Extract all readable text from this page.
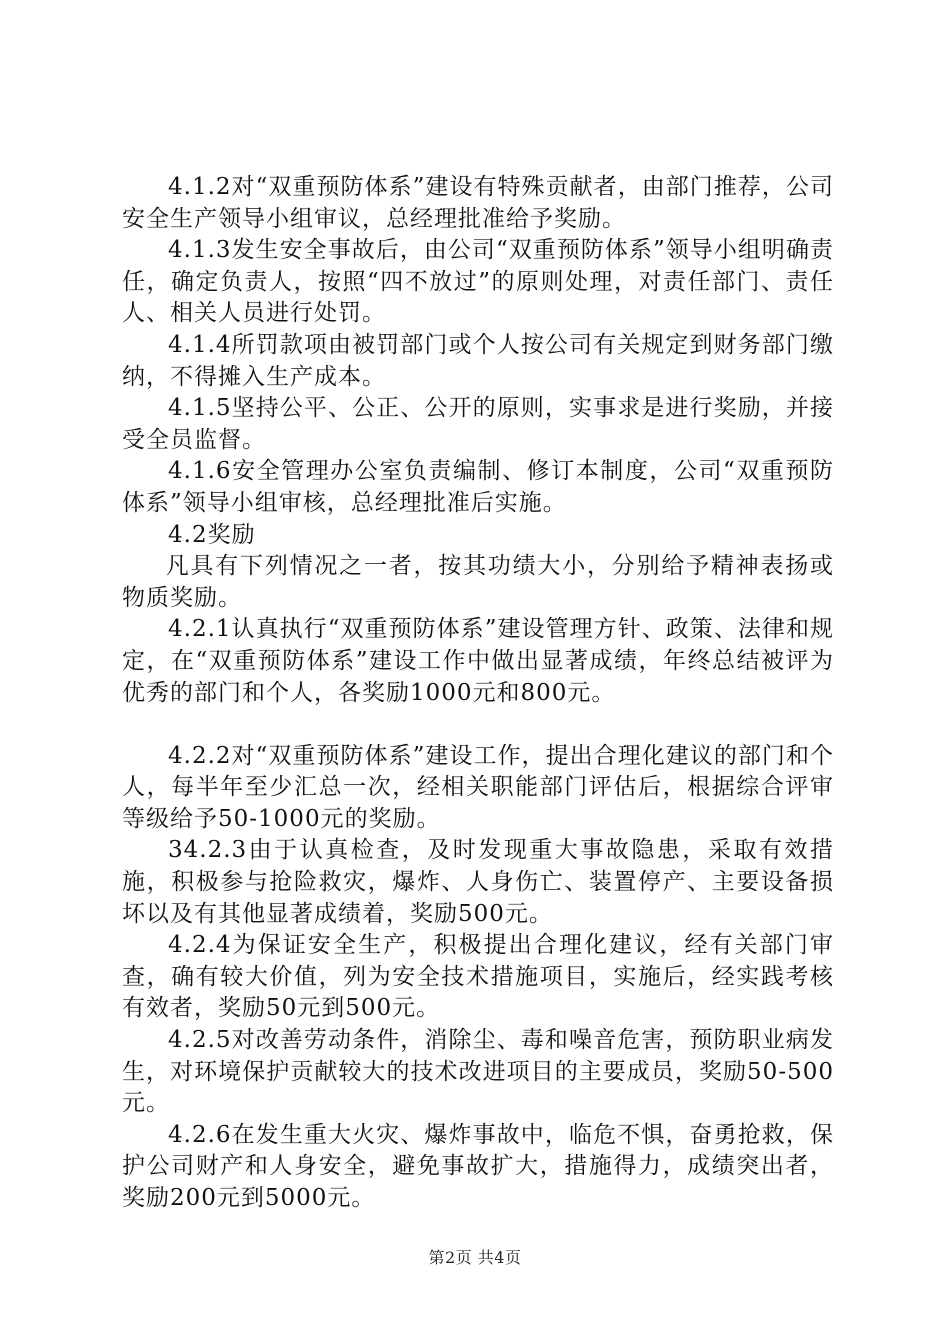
4.1.2对“双重预防体系”建设有特殊贡献者，由部门推荐，公司安全生产领导小组审议，总经理批准给予奖励。

4.1.3发生安全事故后，由公司“双重预防体系”领导小组明确责任，确定负责人，按照“四不放过”的原则处理，对责任部门、责任人、相关人员进行处罚。

4.1.4所罚款项由被罚部门或个人按公司有关规定到财务部门缴纳，不得摊入生产成本。

4.1.5坚持公平、公正、公开的原则，实事求是进行奖励，并接受全员监督。

4.1.6安全管理办公室负责编制、修订本制度，公司“双重预防体系”领导小组审核，总经理批准后实施。

4.2奖励

凡具有下列情况之一者，按其功绩大小，分别给予精神表扬或物质奖励。

4.2.1认真执行“双重预防体系”建设管理方针、政策、法律和规定，在“双重预防体系”建设工作中做出显著成绩，年终总结被评为优秀的部门和个人，各奖励1000元和800元。

4.2.2对“双重预防体系”建设工作，提出合理化建议的部门和个人，每半年至少汇总一次，经相关职能部门评估后，根据综合评审等级给予50-1000元的奖励。

34.2.3由于认真检查，及时发现重大事故隐患，采取有效措施，积极参与抢险救灾，爆炸、人身伤亡、装置停产、主要设备损坏以及有其他显著成绩着，奖励500元。

4.2.4为保证安全生产，积极提出合理化建议，经有关部门审查，确有较大价值，列为安全技术措施项目，实施后，经实践考核有效者，奖励50元到500元。

4.2.5对改善劳动条件，消除尘、毒和噪音危害，预防职业病发生，对环境保护贡献较大的技术改进项目的主要成员，奖励50-500元。

4.2.6在发生重大火灾、爆炸事故中，临危不惧，奋勇抢救，保护公司财产和人身安全，避免事故扩大，措施得力，成绩突出者，奖励200元到5000元。

第2页 共4页
